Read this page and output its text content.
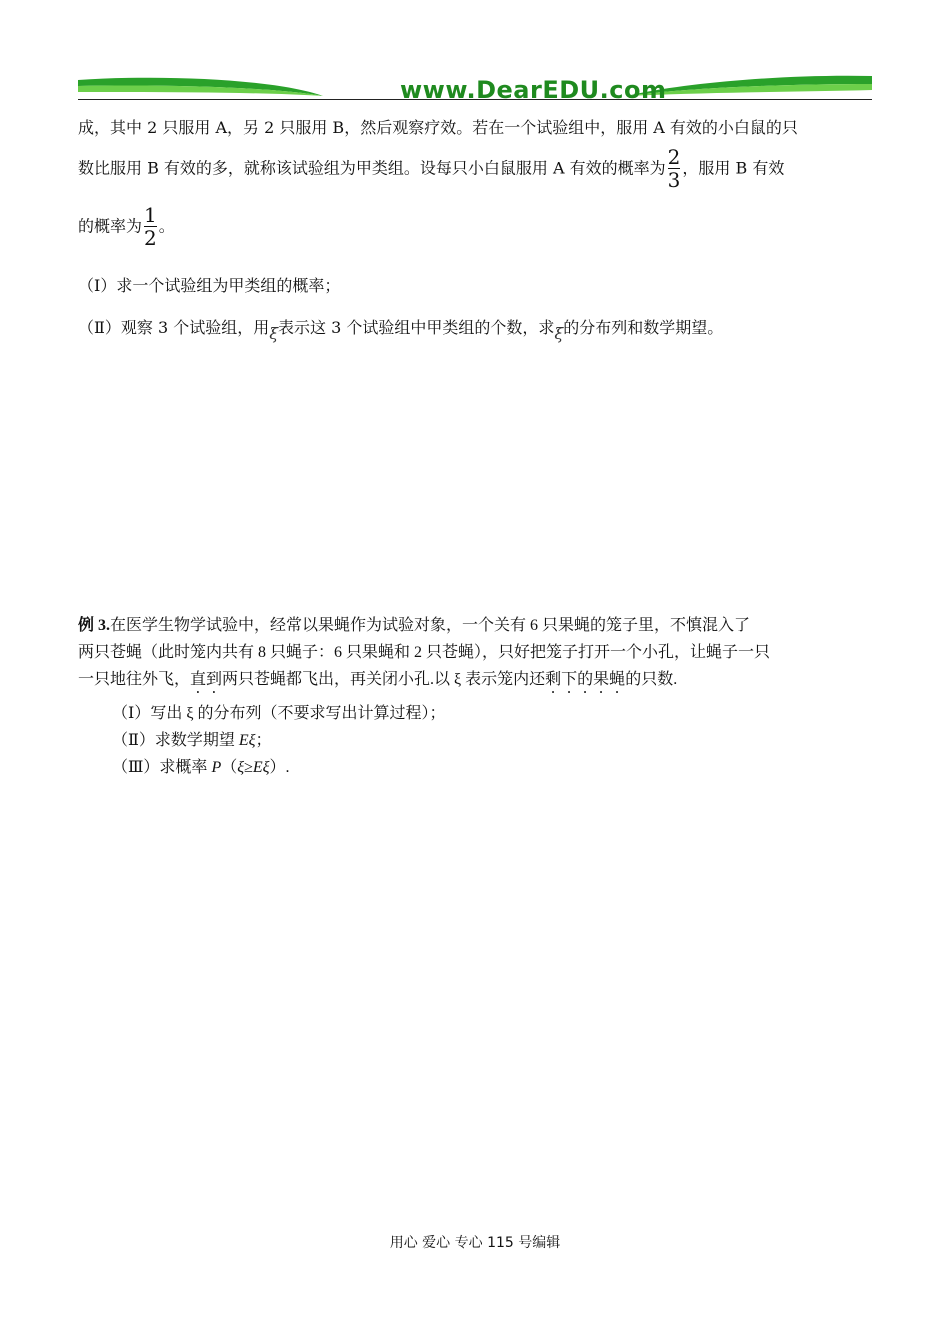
www.DearEDU.com
成，其中 2 只服用 A，另 2 只服用 B，然后观察疗效。若在一个试验组中，服用 A 有效的小白鼠的只
数比服用 B 有效的多，就称该试验组为甲类组。设每只小白鼠服用 A 有效的概率为 $\frac{2}{3}$ ，服用 B 有效
的概率为 $\frac{1}{2}$ 。
（Ⅰ）求一个试验组为甲类组的概率；
（Ⅱ）观察 3 个试验组，用ξ表示这 3 个试验组中甲类组的个数，求ξ的分布列和数学期望。
例 3.在医学生物学试验中，经常以果蝇作为试验对象，一个关有 6 只果蝇的笼子里，不慎混入了
两只苍蝇（此时笼内共有 8 只蝇子：6 只果蝇和 2 只苍蝇），只好把笼子打开一个小孔，让蝇子一只
一只地往外飞，直到两只苍蝇都飞出，再关闭小孔.以 ξ 表示笼内还剩下的果蝇的只数.
（Ⅰ）写出 ξ 的分布列（不要求写出计算过程）；
（Ⅱ）求数学期望 Eξ；
（Ⅲ）求概率 P（ξ≥Eξ）.
用心 爱心 专心 115 号编辑
